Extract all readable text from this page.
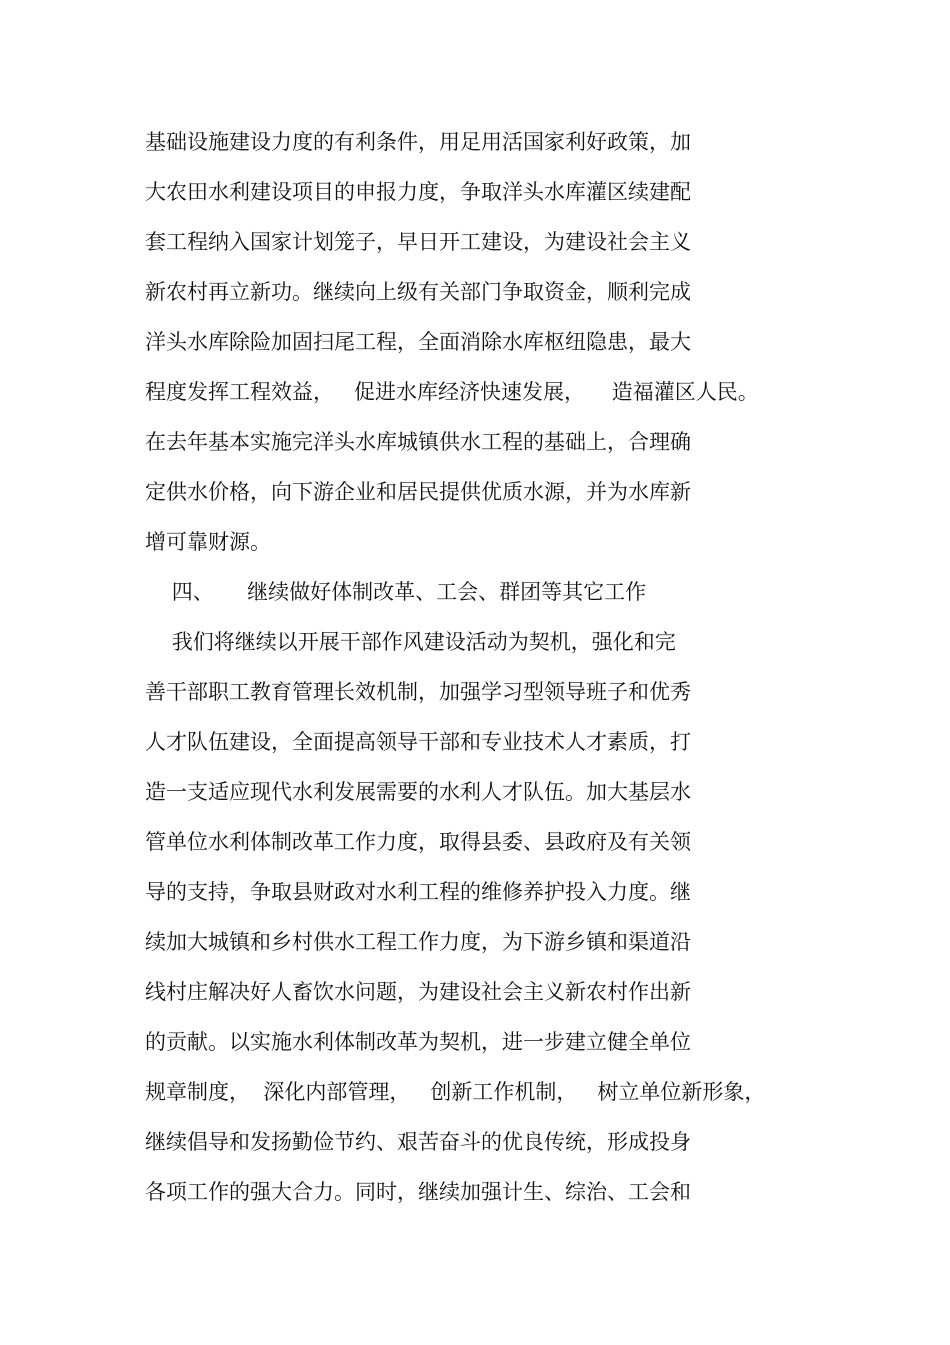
基础设施建设力度的有利条件，用足用活国家利好政策，加
大农田水利建设项目的申报力度，争取洋头水库灌区续建配
套工程纳入国家计划笼子，早日开工建设，为建设社会主义
新农村再立新功。继续向上级有关部门争取资金，顺利完成
洋头水库除险加固扫尾工程，全面消除水库枢纽隐患，最大
程度发挥工程效益，   促进水库经济快速发展，    造福灌区人民。
在去年基本实施完洋头水库城镇供水工程的基础上，合理确
定供水价格，向下游企业和居民提供优质水源，并为水库新
增可靠财源。
四、     继续做好体制改革、工会、群团等其它工作
我们将继续以开展干部作风建设活动为契机，强化和完
善干部职工教育管理长效机制，加强学习型领导班子和优秀
人才队伍建设，全面提高领导干部和专业技术人才素质，打
造一支适应现代水利发展需要的水利人才队伍。加大基层水
管单位水利体制改革工作力度，取得县委、县政府及有关领
导的支持，争取县财政对水利工程的维修养护投入力度。继
续加大城镇和乡村供水工程工作力度，为下游乡镇和渠道沿
线村庄解决好人畜饮水问题，为建设社会主义新农村作出新
的贡献。以实施水利体制改革为契机，进一步建立健全单位
规章制度，  深化内部管理，   创新工作机制，   树立单位新形象，
继续倡导和发扬勤俭节约、艰苦奋斗的优良传统，形成投身
各项工作的强大合力。同时，继续加强计生、综治、工会和
